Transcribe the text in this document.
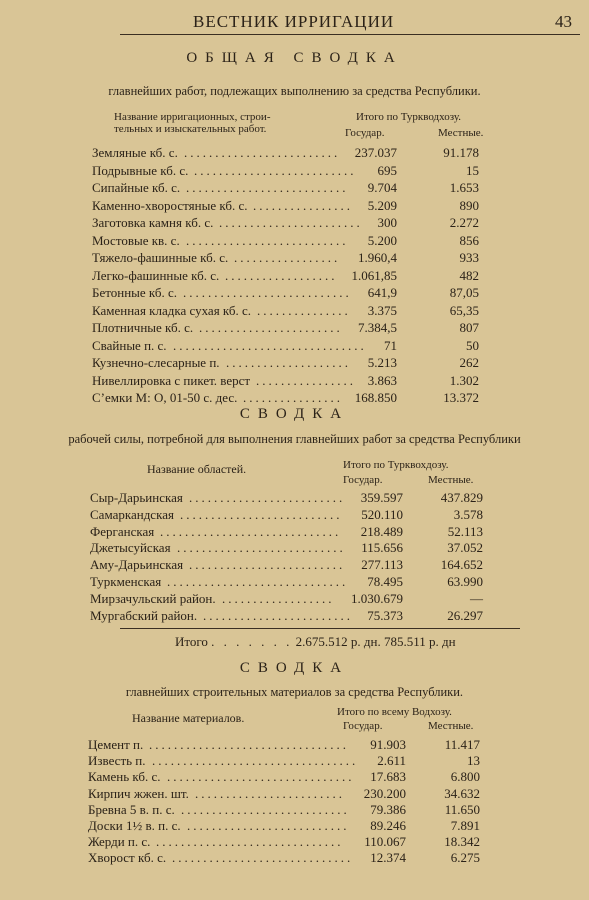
ВЕСТНИК ИРРИГАЦИИ	43
ОБЩАЯ СВОДКА
главнейших работ, подлежащих выполнению за средства Республики.
Название ирригационных, строи-
тельных и изыскательных работ.
Итого по Туркводхозу.
Государ.	Местные.
Земляные кб. с. .........................	237.037	91.178
Подрывные кб. с. ..........................	695	15
Сипайные кб. с. ..........................	9.704	1.653
Каменно-хворостяные кб. с. ................	5.209	890
Заготовка камня кб. с. .......................	300	2.272
Мостовые кв. с. ..........................	5.200	856
Тяжело-фашинные кб. с. .................	1.960,4	933
Легко-фашинные кб. с. ..................	1.061,85	482
Бетонные кб. с. ...........................	641,9	87,05
Каменная кладка сухая кб. с. ...............	3.375	65,35
Плотничные кб. с. .......................	7.384,5	807
Свайные п. с. ...............................	71	50
Кузнечно-слесарные п. ....................	5.213	262
Нивеллировка с пикет. верст ................ 3.863	1.302
Сʼемки М: О, 01-50 с. дес. ................ 168.850	13.372
СВОДКА
рабочей силы, потребной для выполнения главнейших работ за средства Республики
Название областей.	Итого по Турквохдозу.
Государ.	Местные.
Сыр-Дарьинская .........................	359.597	437.829
Самаркандская ..........................	520.110	3.578
Ферганская .............................	218.489	52.113
Джетысуйская ...........................	115.656	37.052
Аму-Дарьинская .........................	277.113	164.652
Туркменская .............................	78.495	63.990
Мирзачульский район. ..................	1.030.679	—
Мургабский район. ........................	75.373	26.297
Итого . . . . . . . 2.675.512 р. дн. 785.511 р. дн
СВОДКА
главнейших строительных материалов за средства Республики.
Название материалов.	Итого по всему Водхозу.
Государ.	Местные.
Цемент п. ................................	91.903	11.417
Известь п. .................................	2.611	13
Камень кб. с. ..............................	17.683	6.800
Кирпич жжен. шт. ........................	230.200	34.632
Бревна 5 в. п. с. ...........................	79.386	11.650
Доски 1½ в. п. с. ..........................	89.246	7.891
Жерди п. с. ..............................	110.067	18.342
Хворост кб. с. .............................	12.374	6.275
